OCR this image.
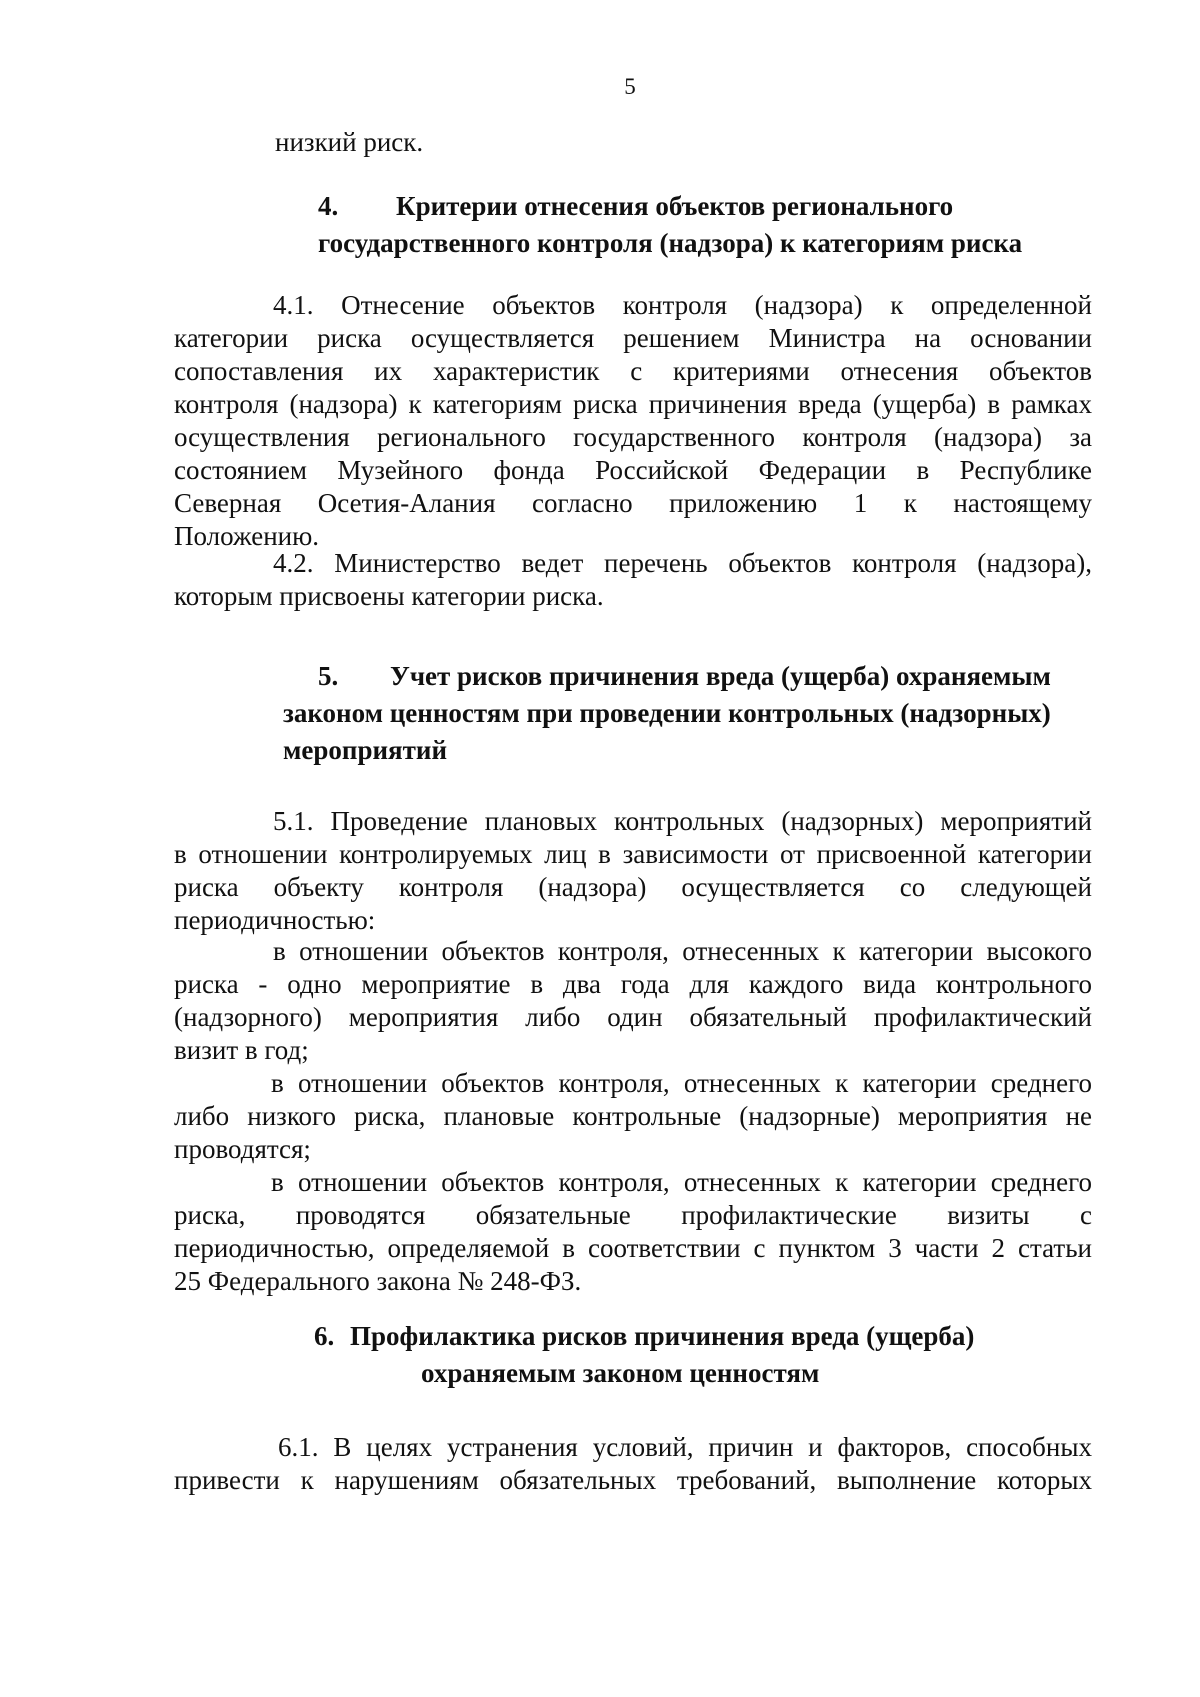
5
низкий риск.
4. Критерии отнесения объектов регионального
государственного контроля (надзора) к категориям риска
4.1. Отнесение объектов контроля (надзора) к определенной
категории риска осуществляется решением Министра на основании
сопоставления их характеристик с критериями отнесения объектов
контроля (надзора) к категориям риска причинения вреда (ущерба) в рамках
осуществления регионального государственного контроля (надзора) за
состоянием Музейного фонда Российской Федерации в Республике
Северная Осетия-Алания согласно приложению 1 к настоящему
Положению.
4.2. Министерство ведет перечень объектов контроля (надзора),
которым присвоены категории риска.
5. Учет рисков причинения вреда (ущерба) охраняемым
законом ценностям при проведении контрольных (надзорных)
мероприятий
5.1. Проведение плановых контрольных (надзорных) мероприятий
в отношении контролируемых лиц в зависимости от присвоенной категории
риска объекту контроля (надзора) осуществляется со следующей
периодичностью:
в отношении объектов контроля, отнесенных к категории высокого
риска - одно мероприятие в два года для каждого вида контрольного
(надзорного) мероприятия либо один обязательный профилактический
визит в год;
в отношении объектов контроля, отнесенных к категории среднего
либо низкого риска, плановые контрольные (надзорные) мероприятия не
проводятся;
в отношении объектов контроля, отнесенных к категории среднего
риска, проводятся обязательные профилактические визиты с
периодичностью, определяемой в соответствии с пунктом 3 части 2 статьи
25 Федерального закона № 248-ФЗ.
6. Профилактика рисков причинения вреда (ущерба)
охраняемым законом ценностям
6.1. В целях устранения условий, причин и факторов, способных
привести к нарушениям обязательных требований, выполнение которых
